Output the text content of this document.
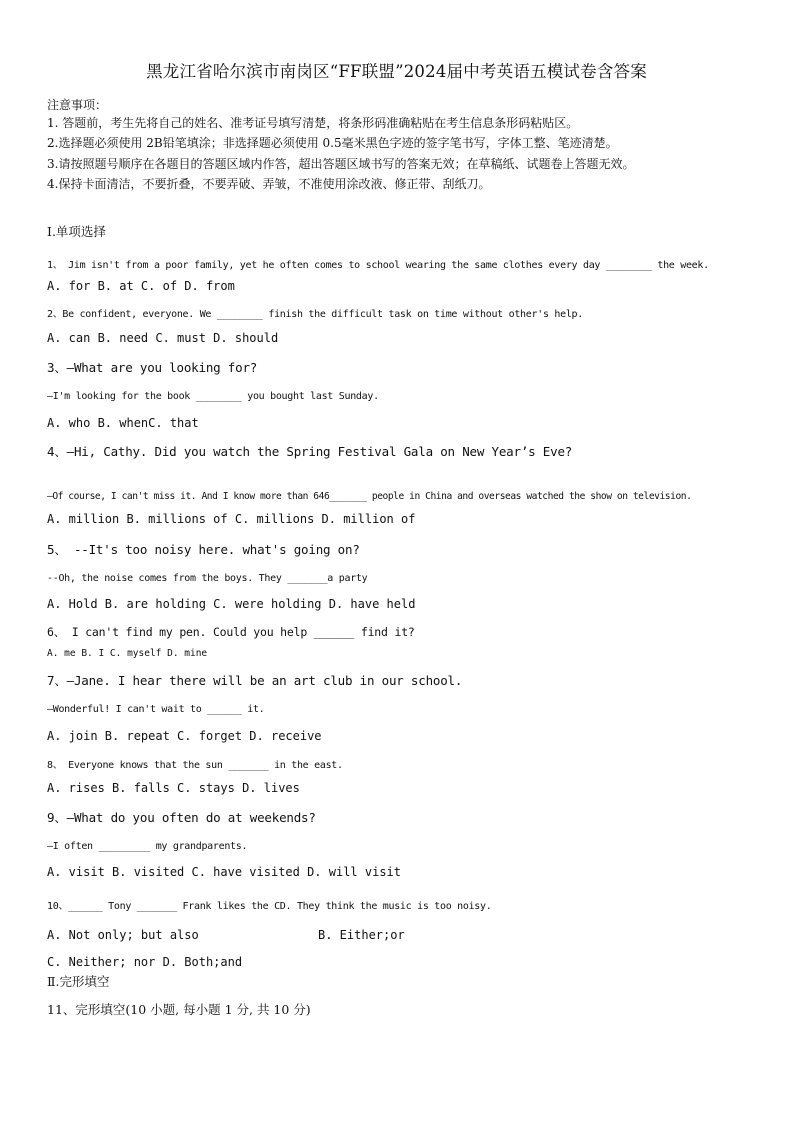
黑龙江省哈尔滨市南岗区“FF联盟”2024届中考英语五模试卷含答案
注意事项：
1. 答题前，考生先将自己的姓名、准考证号填写清楚，将条形码准确粘贴在考生信息条形码粘贴区。
2.选择题必须使用 2B铅笔填涂；非选择题必须使用 0.5毫米黑色字迹的签字笔书写，字体工整、笔迹清楚。
3.请按照题号顺序在各题目的答题区域内作答，超出答题区域书写的答案无效；在草稿纸、试题卷上答题无效。
4.保持卡面清洁，不要折叠，不要弄破、弄皱，不准使用涂改液、修正带、刮纸刀。
Ⅰ.单项选择
1、 Jim isn't from a poor family, yet he often comes to school wearing the same clothes every day ________ the week.
A. for B. at C. of D. from
2、Be confident, everyone. We ________ finish the difficult task on time without other's help.
A. can B. need C. must D. should
3、—What are you looking for?
—I'm looking for the book ________ you bought last Sunday.
A. who B. whenC. that
4、—Hi, Cathy. Did you watch the Spring Festival Gala on New Year’s Eve?
—Of course, I can't miss it. And I know more than 646_______ people in China and overseas watched the show on television.
A. million B. millions of C. millions D. million of
5、 --It's too noisy here. what's going on?
--Oh, the noise comes from the boys. They _______a party
A. Hold B. are holding C. were holding D. have held
6、 I can't find my pen. Could you help ______ find it?
A. me B. I C. myself D. mine
7、—Jane. I hear there will be an art club in our school.
—Wonderful! I can't wait to ______ it.
A. join B. repeat C. forget D. receive
8、 Everyone knows that the sun _______ in the east.
A. rises B. falls C. stays D. lives
9、—What do you often do at weekends?
—I often _________ my grandparents.
A. visit B. visited C. have visited D. will visit
10、______ Tony _______ Frank likes the CD. They think the music is too noisy.
A. Not only; but also	B. Either;or
C. Neither; nor D. Both;and
Ⅱ.完形填空
11、完形填空(10 小题, 每小题 1 分, 共 10 分)
